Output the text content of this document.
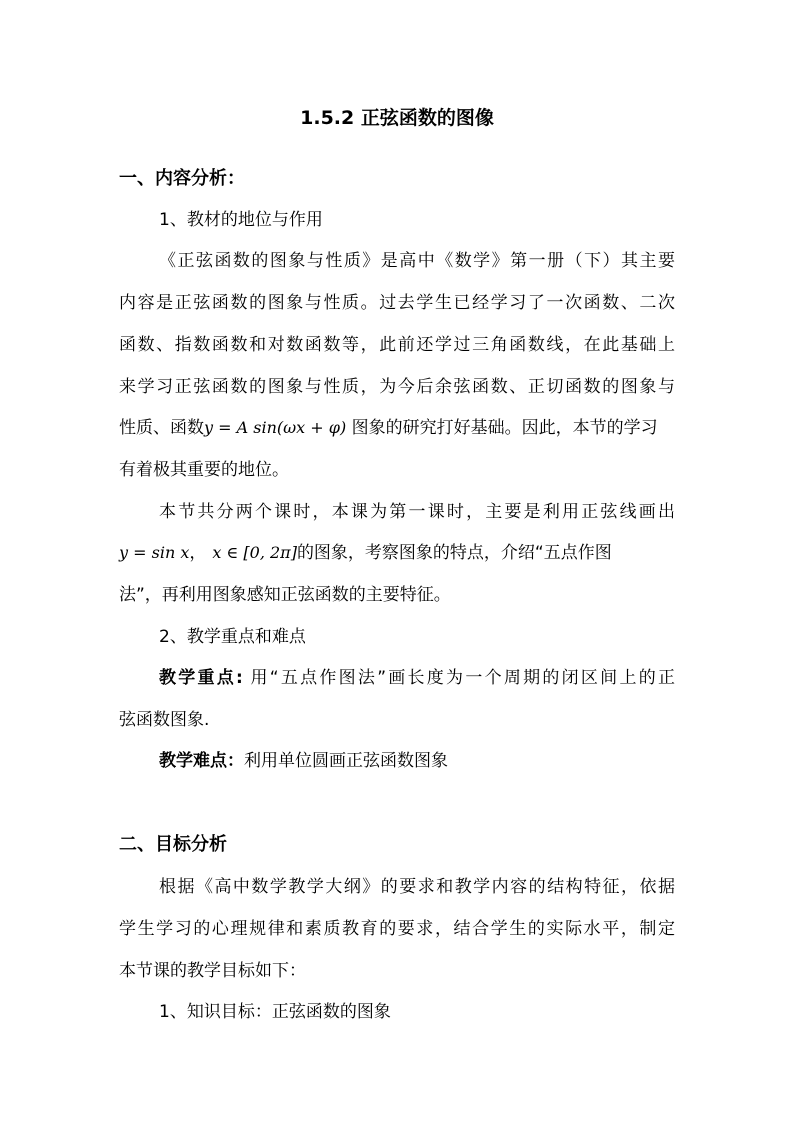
1.5.2 正弦函数的图像
一、内容分析：
1、教材的地位与作用
《正弦函数的图象与性质》是高中《数学》第一册（下）其主要
内容是正弦函数的图象与性质。过去学生已经学习了一次函数、二次
函数、指数函数和对数函数等，此前还学过三角函数线，在此基础上
来学习正弦函数的图象与性质，为今后余弦函数、正切函数的图象与
性质、函数y = A sin(ωx + φ) 图象的研究打好基础。因此，本节的学习
有着极其重要的地位。
本节共分两个课时，本课为第一课时，主要是利用正弦线画出
y = sin x， x ∈ [0, 2π]的图象，考察图象的特点，介绍“五点作图
法”，再利用图象感知正弦函数的主要特征。
2、教学重点和难点
教学重点: 用“五点作图法”画长度为一个周期的闭区间上的正
弦函数图象.
教学难点：利用单位圆画正弦函数图象
二、目标分析
根据《高中数学教学大纲》的要求和教学内容的结构特征，依据
学生学习的心理规律和素质教育的要求，结合学生的实际水平，制定
本节课的教学目标如下：
1、知识目标：正弦函数的图象
